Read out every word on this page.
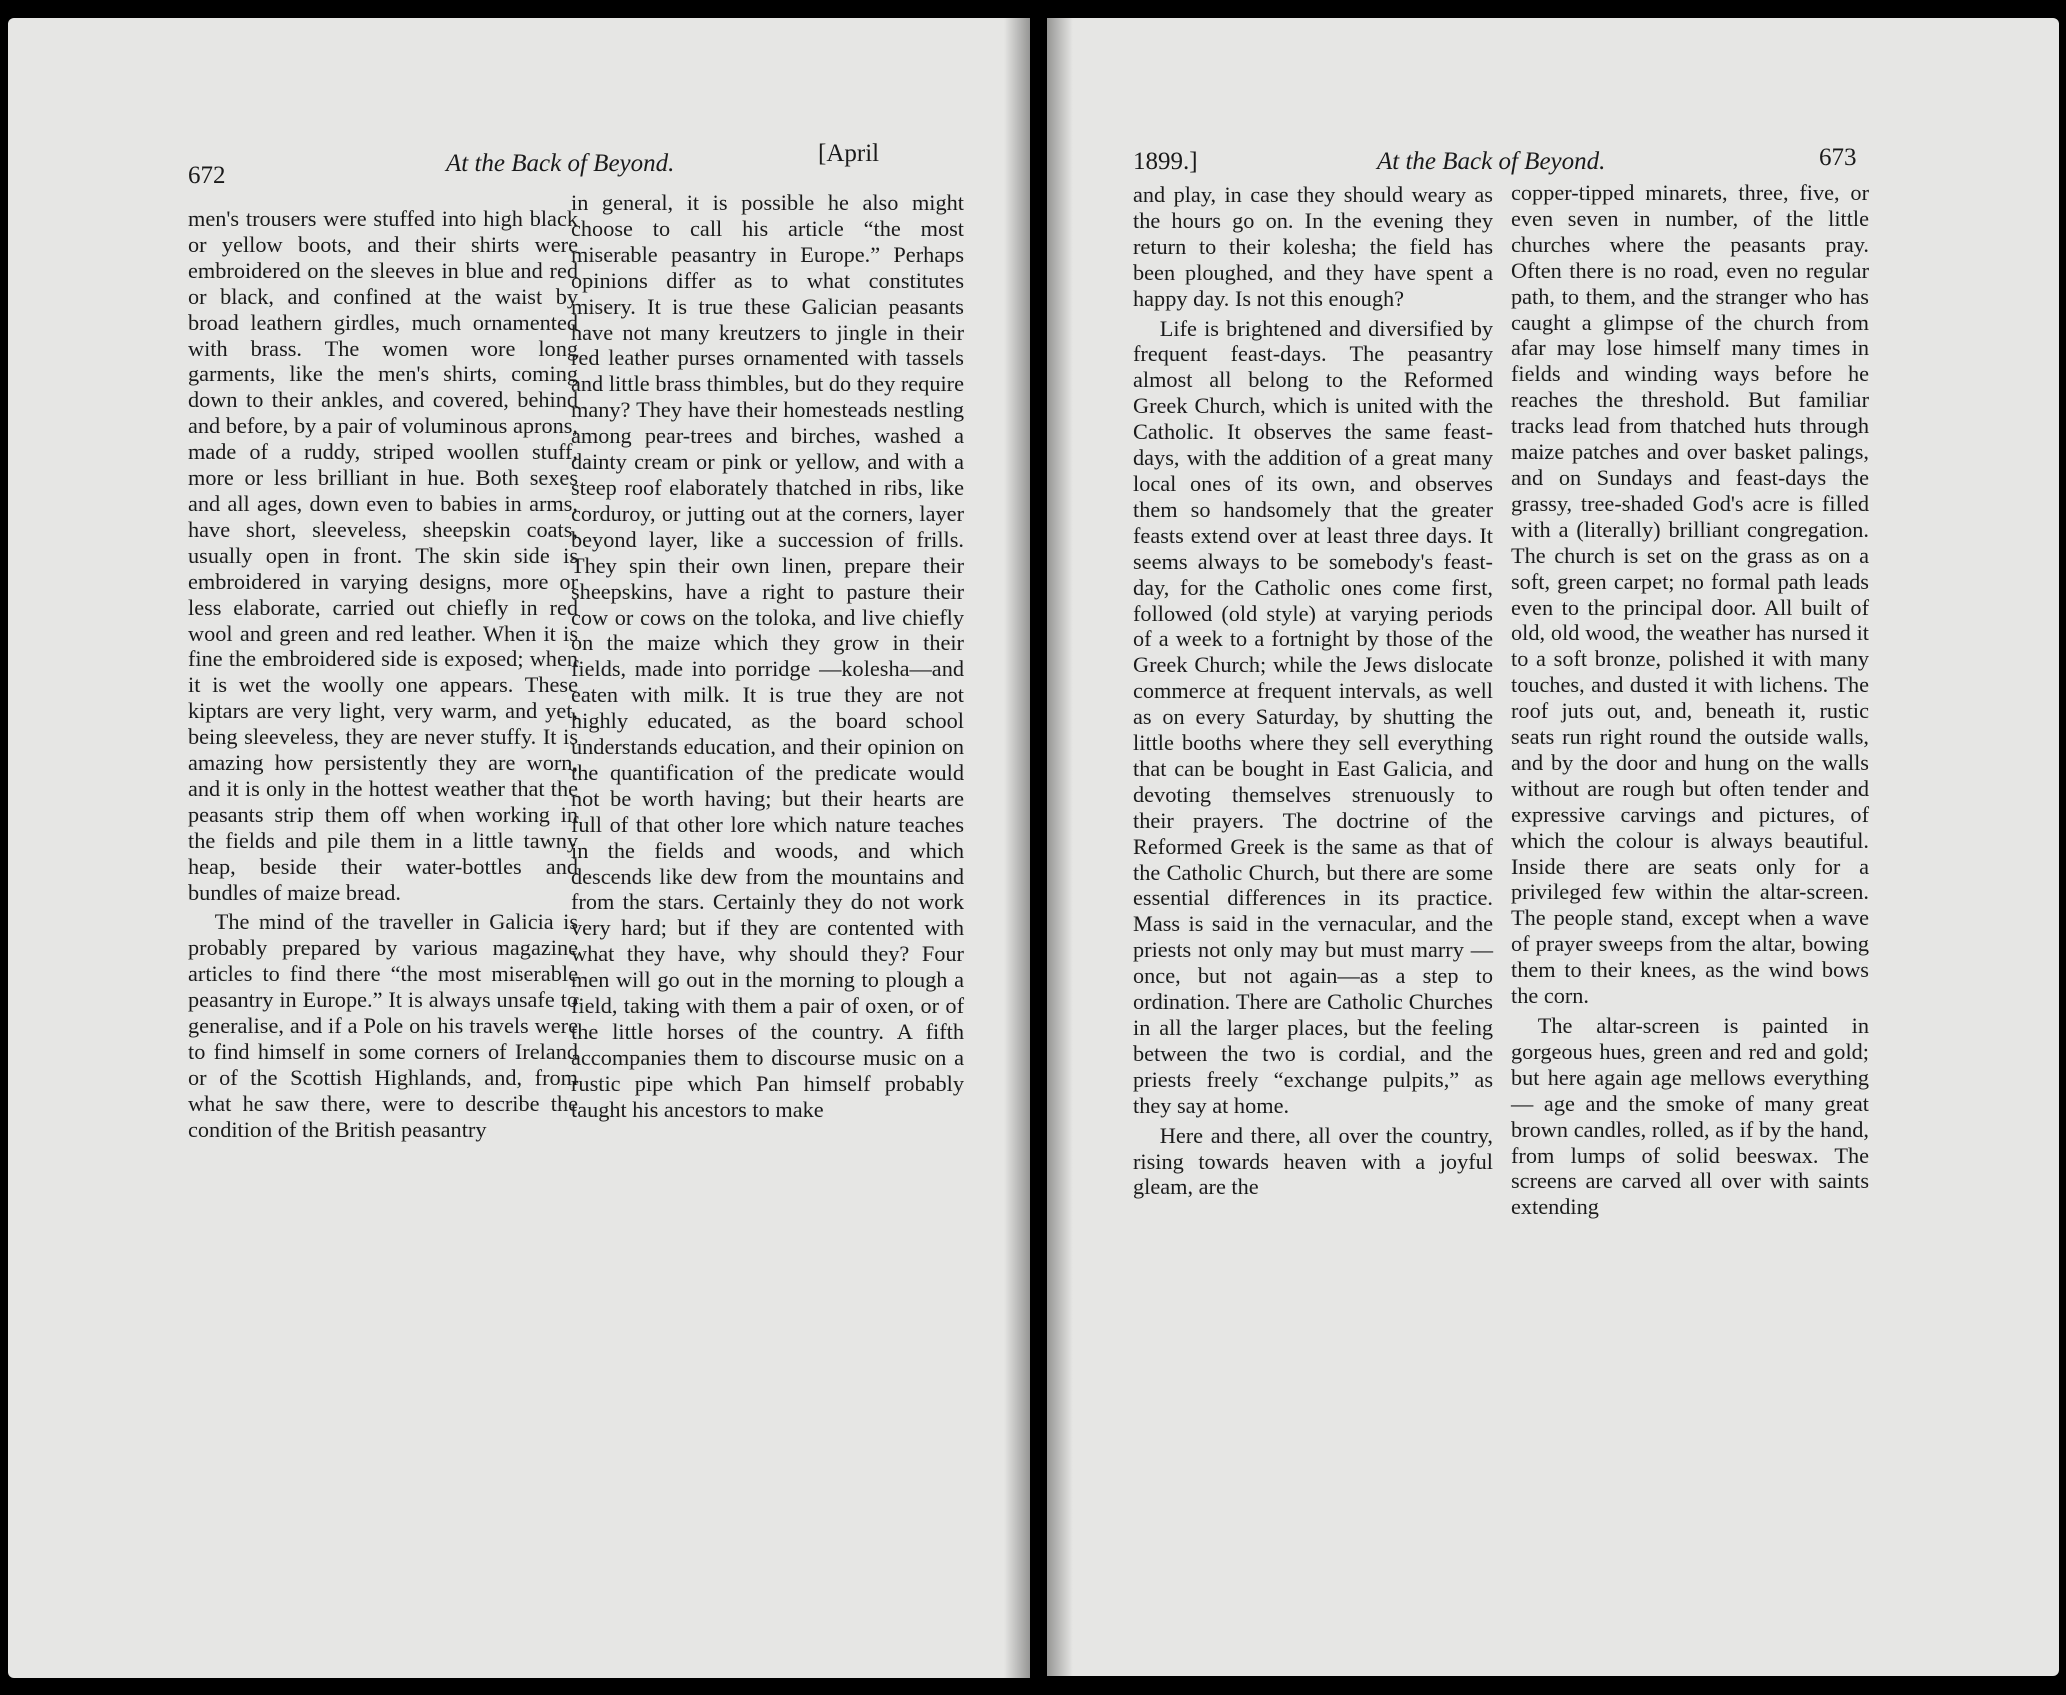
672	At the Back of Beyond.	[April

men's trousers were stuffed into high black or yellow boots, and their shirts were embroidered on the sleeves in blue and red or black, and confined at the waist by broad leathern girdles, much ornamented with brass. The women wore long garments, like the men's shirts, coming down to their ankles, and covered, behind and before, by a pair of voluminous aprons, made of a ruddy, striped woollen stuff, more or less brilliant in hue. Both sexes and all ages, down even to babies in arms, have short, sleeveless, sheepskin coats, usually open in front. The skin side is embroidered in varying designs, more or less elaborate, carried out chiefly in red wool and green and red leather. When it is fine the embroidered side is exposed; when it is wet the woolly one appears. These kiptars are very light, very warm, and yet, being sleeveless, they are never stuffy. It is amazing how persistently they are worn, and it is only in the hottest weather that the peasants strip them off when working in the fields and pile them in a little tawny heap, beside their water-bottles and bundles of maize bread.

The mind of the traveller in Galicia is probably prepared by various magazine articles to find there “the most miserable peasantry in Europe.” It is always unsafe to generalise, and if a Pole on his travels were to find himself in some corners of Ireland or of the Scottish Highlands, and, from what he saw there, were to describe the condition of the British peasantry

in general, it is possible he also might choose to call his article “the most miserable peasantry in Europe.” Perhaps opinions differ as to what constitutes misery. It is true these Galician peasants have not many kreutzers to jingle in their red leather purses ornamented with tassels and little brass thimbles, but do they require many? They have their homesteads nestling among pear-trees and birches, washed a dainty cream or pink or yellow, and with a steep roof elaborately thatched in ribs, like corduroy, or jutting out at the corners, layer beyond layer, like a succession of frills. They spin their own linen, prepare their sheepskins, have a right to pasture their cow or cows on the toloka, and live chiefly on the maize which they grow in their fields, made into porridge —kolesha—and eaten with milk. It is true they are not highly educated, as the board school understands education, and their opinion on the quantification of the predicate would not be worth having; but their hearts are full of that other lore which nature teaches in the fields and woods, and which descends like dew from the mountains and from the stars. Certainly they do not work very hard; but if they are contented with what they have, why should they? Four men will go out in the morning to plough a field, taking with them a pair of oxen, or of the little horses of the country. A fifth accompanies them to discourse music on a rustic pipe which Pan himself probably taught his ancestors to make

1899.]	At the Back of Beyond.	673

and play, in case they should weary as the hours go on. In the evening they return to their kolesha; the field has been ploughed, and they have spent a happy day. Is not this enough?

Life is brightened and diversified by frequent feast-days. The peasantry almost all belong to the Reformed Greek Church, which is united with the Catholic. It observes the same feast-days, with the addition of a great many local ones of its own, and observes them so handsomely that the greater feasts extend over at least three days. It seems always to be somebody's feast-day, for the Catholic ones come first, followed (old style) at varying periods of a week to a fortnight by those of the Greek Church; while the Jews dislocate commerce at frequent intervals, as well as on every Saturday, by shutting the little booths where they sell everything that can be bought in East Galicia, and devoting themselves strenuously to their prayers. The doctrine of the Reformed Greek is the same as that of the Catholic Church, but there are some essential differences in its practice. Mass is said in the vernacular, and the priests not only may but must marry — once, but not again—as a step to ordination. There are Catholic Churches in all the larger places, but the feeling between the two is cordial, and the priests freely “exchange pulpits,” as they say at home.

Here and there, all over the country, rising towards heaven with a joyful gleam, are the

copper-tipped minarets, three, five, or even seven in number, of the little churches where the peasants pray. Often there is no road, even no regular path, to them, and the stranger who has caught a glimpse of the church from afar may lose himself many times in fields and winding ways before he reaches the threshold. But familiar tracks lead from thatched huts through maize patches and over basket palings, and on Sundays and feast-days the grassy, tree-shaded God's acre is filled with a (literally) brilliant congregation. The church is set on the grass as on a soft, green carpet; no formal path leads even to the principal door. All built of old, old wood, the weather has nursed it to a soft bronze, polished it with many touches, and dusted it with lichens. The roof juts out, and, beneath it, rustic seats run right round the outside walls, and by the door and hung on the walls without are rough but often tender and expressive carvings and pictures, of which the colour is always beautiful. Inside there are seats only for a privileged few within the altar-screen. The people stand, except when a wave of prayer sweeps from the altar, bowing them to their knees, as the wind bows the corn.

The altar-screen is painted in gorgeous hues, green and red and gold; but here again age mellows everything — age and the smoke of many great brown candles, rolled, as if by the hand, from lumps of solid beeswax. The screens are carved all over with saints extending
